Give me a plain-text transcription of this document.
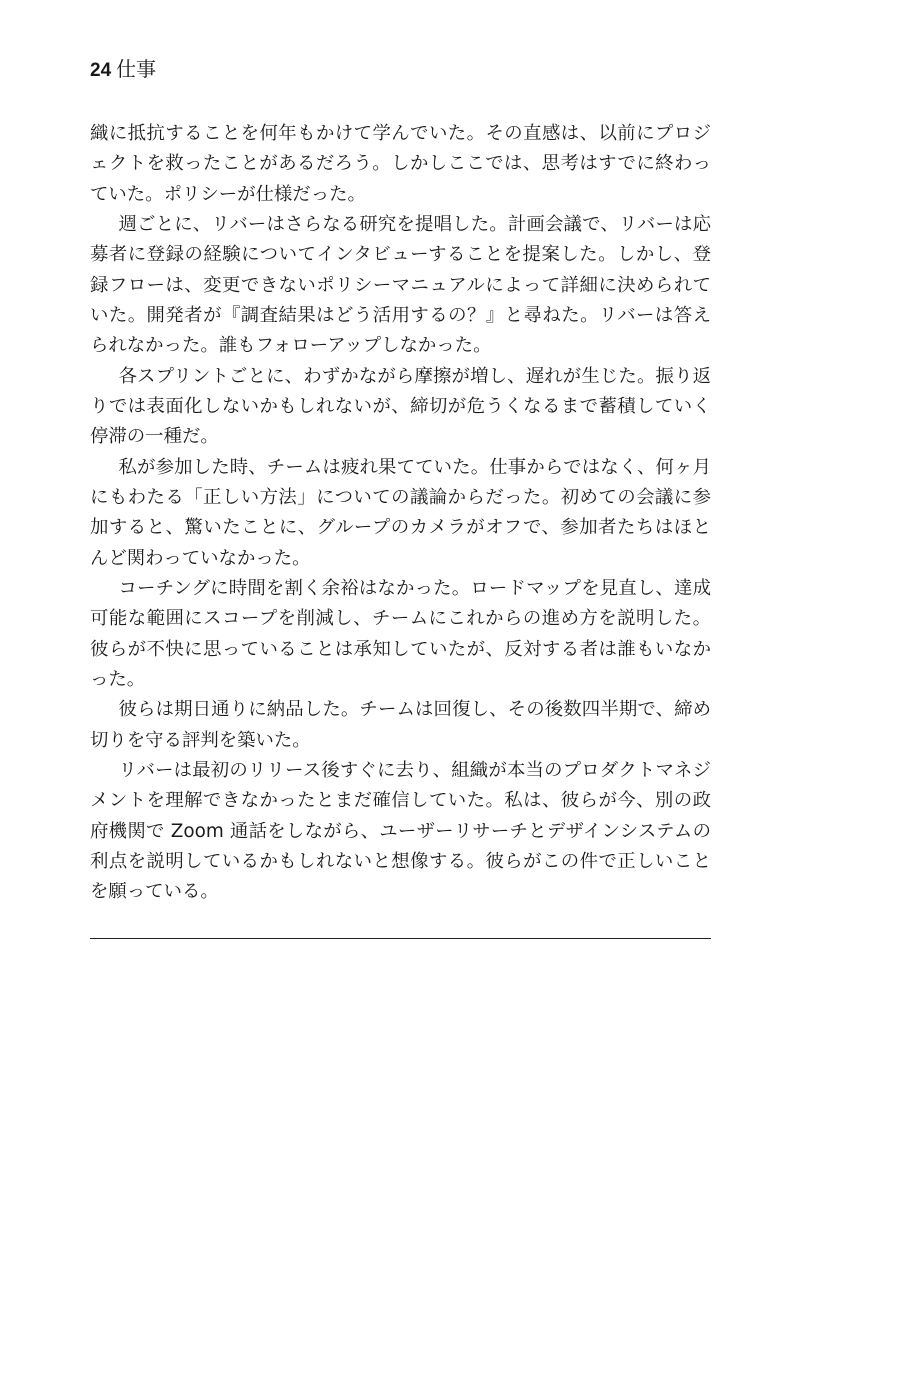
24 仕事

織に抵抗することを何年もかけて学んでいた。その直感は、以前にプロジェクトを救ったことがあるだろう。しかしここでは、思考はすでに終わっていた。ポリシーが仕様だった。

週ごとに、リバーはさらなる研究を提唱した。計画会議で、リバーは応募者に登録の経験についてインタビューすることを提案した。しかし、登録フローは、変更できないポリシーマニュアルによって詳細に決められていた。開発者が『調査結果はどう活用するの？』と尋ねた。リバーは答えられなかった。誰もフォローアップしなかった。

各スプリントごとに、わずかながら摩擦が増し、遅れが生じた。振り返りでは表面化しないかもしれないが、締切が危うくなるまで蓄積していく停滞の一種だ。

私が参加した時、チームは疲れ果てていた。仕事からではなく、何ヶ月にもわたる「正しい方法」についての議論からだった。初めての会議に参加すると、驚いたことに、グループのカメラがオフで、参加者たちはほとんど関わっていなかった。

コーチングに時間を割く余裕はなかった。ロードマップを見直し、達成可能な範囲にスコープを削減し、チームにこれからの進め方を説明した。彼らが不快に思っていることは承知していたが、反対する者は誰もいなかった。

彼らは期日通りに納品した。チームは回復し、その後数四半期で、締め切りを守る評判を築いた。

リバーは最初のリリース後すぐに去り、組織が本当のプロダクトマネジメントを理解できなかったとまだ確信していた。私は、彼らが今、別の政府機関で Zoom 通話をしながら、ユーザーリサーチとデザインシステムの利点を説明しているかもしれないと想像する。彼らがこの件で正しいことを願っている。
